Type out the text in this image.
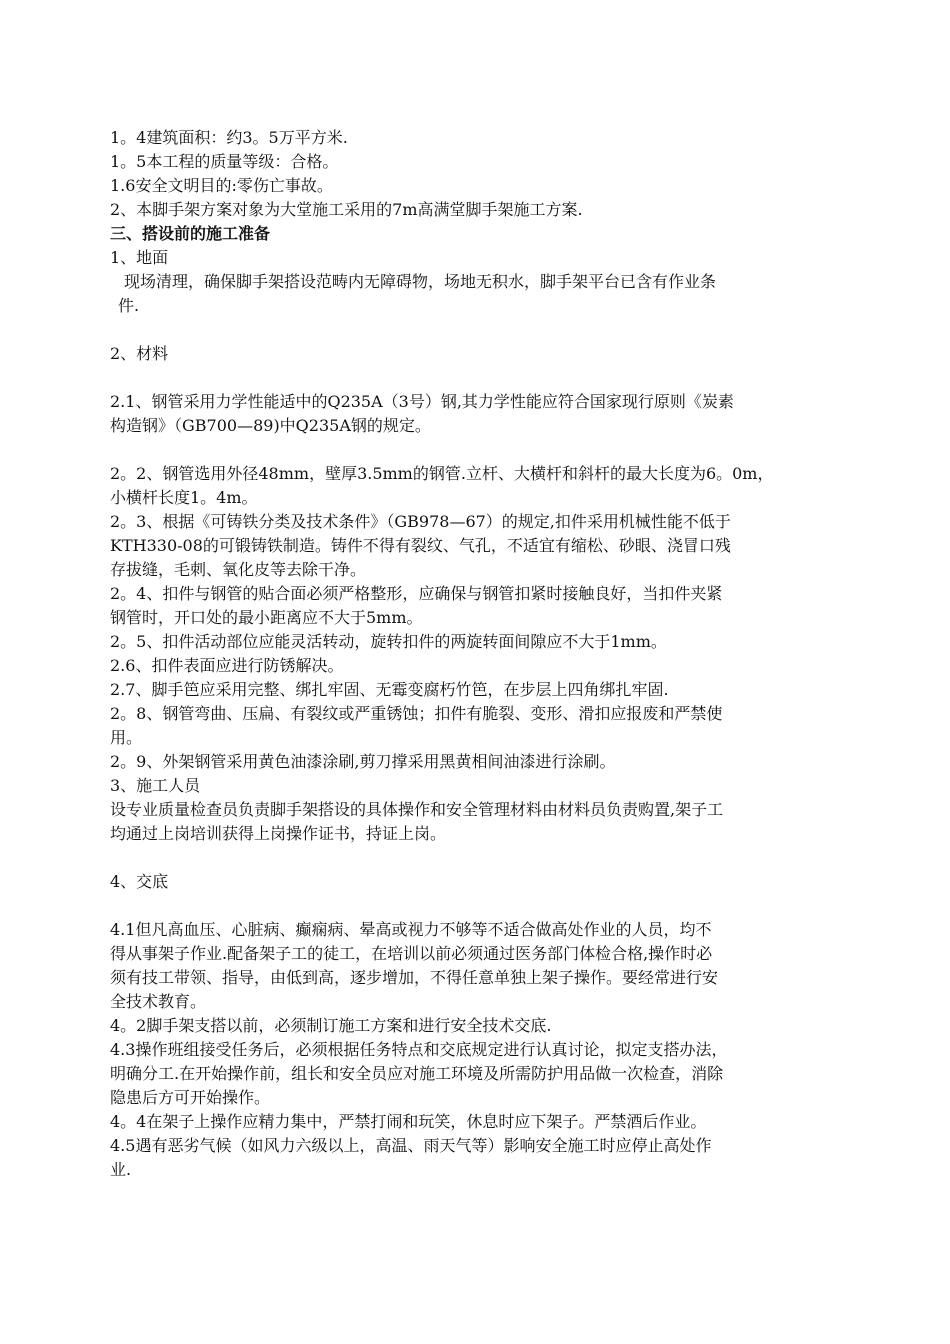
1。4建筑面积：约3。5万平方米.

1。5本工程的质量等级：合格。

1.6安全文明目的:零伤亡事故。

2、本脚手架方案对象为大堂施工采用的7m高满堂脚手架施工方案.

三、搭设前的施工准备

1、地面

现场清理，确保脚手架搭设范畴内无障碍物，场地无积水，脚手架平台已含有作业条

件.

2、材料

2.1、钢管采用力学性能适中的Q235A（3号）钢,其力学性能应符合国家现行原则《炭素

构造钢》（GB700—89)中Q235A钢的规定。

2。2、钢管选用外径48mm，壁厚3.5mm的钢管.立杆、大横杆和斜杆的最大长度为6。0m，

小横杆长度1。4m。

2。3、根据《可铸铁分类及技术条件》（GB978—67）的规定,扣件采用机械性能不低于

KTH330-08的可锻铸铁制造。铸件不得有裂纹、气孔，不适宜有缩松、砂眼、浇冒口残

存拔缝，毛刺、氧化皮等去除干净。

2。4、扣件与钢管的贴合面必须严格整形，应确保与钢管扣紧时接触良好，当扣件夹紧

钢管时，开口处的最小距离应不大于5mm。

2。5、扣件活动部位应能灵活转动，旋转扣件的两旋转面间隙应不大于1mm。

2.6、扣件表面应进行防锈解决。

2.7、脚手笆应采用完整、绑扎牢固、无霉变腐朽竹笆，在步层上四角绑扎牢固.

2。8、钢管弯曲、压扁、有裂纹或严重锈蚀；扣件有脆裂、变形、滑扣应报废和严禁使

用。

2。9、外架钢管采用黄色油漆涂刷,剪刀撑采用黑黄相间油漆进行涂刷。

3、施工人员

设专业质量检查员负责脚手架搭设的具体操作和安全管理材料由材料员负责购置,架子工

均通过上岗培训获得上岗操作证书，持证上岗。

4、交底

4.1但凡高血压、心脏病、癫痫病、晕高或视力不够等不适合做高处作业的人员，均不

得从事架子作业.配备架子工的徒工，在培训以前必须通过医务部门体检合格,操作时必

须有技工带领、指导，由低到高，逐步增加，不得任意单独上架子操作。要经常进行安

全技术教育。

4。2脚手架支搭以前，必须制订施工方案和进行安全技术交底.

4.3操作班组接受任务后，必须根据任务特点和交底规定进行认真讨论，拟定支搭办法，

明确分工.在开始操作前，组长和安全员应对施工环境及所需防护用品做一次检查，消除

隐患后方可开始操作。

4。4在架子上操作应精力集中，严禁打闹和玩笑，休息时应下架子。严禁酒后作业。

4.5遇有恶劣气候（如风力六级以上，高温、雨天气等）影响安全施工时应停止高处作

业.
